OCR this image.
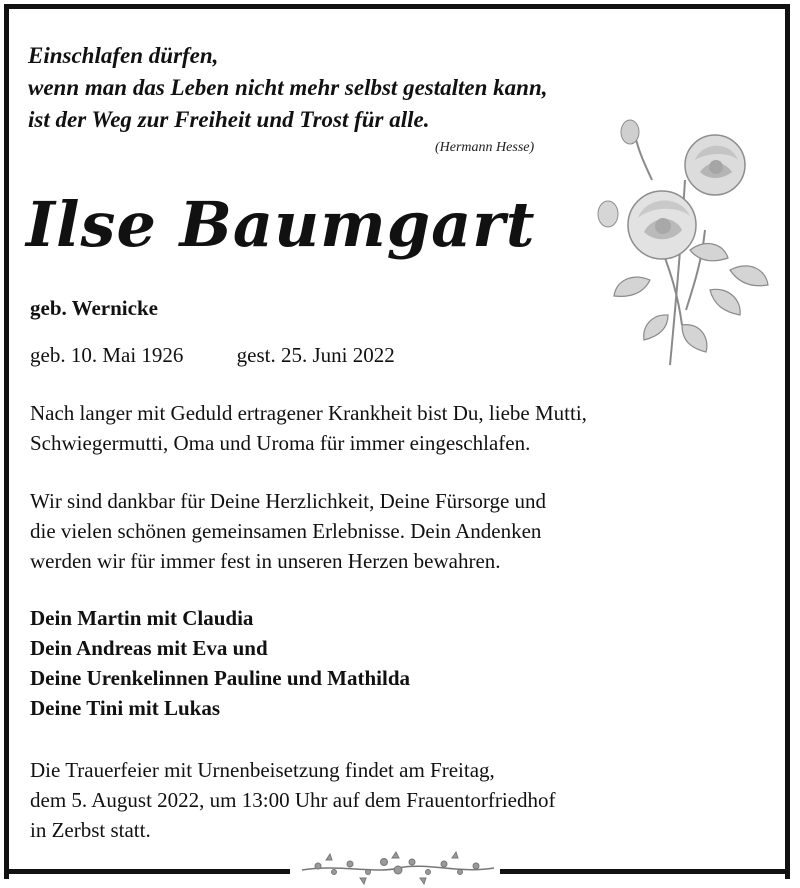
Einschlafen dürfen,
wenn man das Leben nicht mehr selbst gestalten kann,
ist der Weg zur Freiheit und Trost für alle.
(Hermann Hesse)
Ilse Baumgart
geb. Wernicke
geb. 10. Mai 1926	gest. 25. Juni 2022
Nach langer mit Geduld ertragener Krankheit bist Du, liebe Mutti,
Schwiegermutti, Oma und Uroma für immer eingeschlafen.
Wir sind dankbar für Deine Herzlichkeit, Deine Fürsorge und
die vielen schönen gemeinsamen Erlebnisse. Dein Andenken
werden wir für immer fest in unseren Herzen bewahren.
Dein Martin mit Claudia
Dein Andreas mit Eva und
Deine Urenkelinnen Pauline und Mathilda
Deine Tini mit Lukas
Die Trauerfeier mit Urnenbeisetzung findet am Freitag,
dem 5. August 2022, um 13:00 Uhr auf dem Frauentorfriedhof
in Zerbst statt.
